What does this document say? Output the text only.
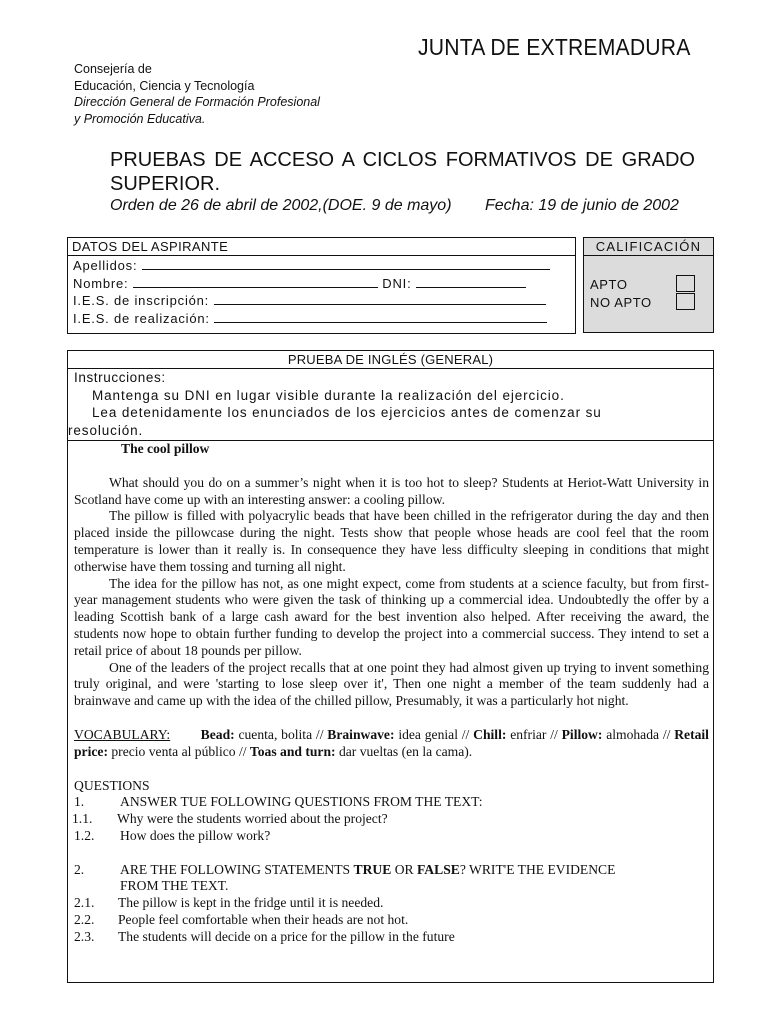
JUNTA DE EXTREMADURA
Consejería de
Educación, Ciencia y Tecnología
Dirección General de Formación Profesional
y Promoción Educativa.
PRUEBAS DE ACCESO A CICLOS FORMATIVOS DE GRADO SUPERIOR.
Orden de 26 de abril de 2002,(DOE. 9 de mayo) Fecha: 19 de junio de 2002
DATOS DEL ASPIRANTE
Apellidos:
Nombre:	DNI:
I.E.S. de inscripción:
I.E.S. de realización:
CALIFICACIÓN
APTO
NO APTO
PRUEBA DE INGLÉS (GENERAL)
Instrucciones:
Mantenga su DNI en lugar visible durante la realización del ejercicio.
Lea detenidamente los enunciados de los ejercicios antes de comenzar su
resolución.
The cool pillow

What should you do on a summer’s night when it is too hot to sleep? Students at Heriot-Watt University in Scotland have come up with an interesting answer: a cooling pillow.

The pillow is filled with polyacrylic beads that have been chilled in the refrigerator during the day and then placed inside the pillowcase during the night. Tests show that people whose heads are cool feel that the room temperature is lower than it really is. In consequence they have less difficulty sleeping in conditions that might otherwise have them tossing and turning all night.

The idea for the pillow has not, as one might expect, come from students at a science faculty, but from first-year management students who were given the task of thinking up a commercial idea. Undoubtedly the offer by a leading Scottish bank of a large cash award for the best invention also helped. After receiving the award, the students now hope to obtain further funding to develop the project into a commercial success. They intend to set a retail price of about 18 pounds per pillow.

One of the leaders of the project recalls that at one point they had almost given up trying to invent something truly original, and were 'starting to lose sleep over it', Then one night a member of the team suddenly had a brainwave and came up with the idea of the chilled pillow, Presumably, it was a particularly hot night.

VOCABULARY: Bead: cuenta, bolita // Brainwave: idea genial // Chill: enfriar // Pillow: almohada // Retail price: precio venta al público // Toas and turn: dar vueltas (en la cama).
QUESTIONS
1.	ANSWER TUE FOLLOWING QUESTIONS FROM THE TEXT:
1.1. Why were the students worried about the project?
1.2. How does the pillow work?
2.	ARE THE FOLLOWING STATEMENTS TRUE OR FALSE? WRIT'E THE EVIDENCE
FROM THE TEXT.
2.1. The pillow is kept in the fridge until it is needed.
2.2. People feel comfortable when their heads are not hot.
2.3. The students will decide on a price for the pillow in the future
